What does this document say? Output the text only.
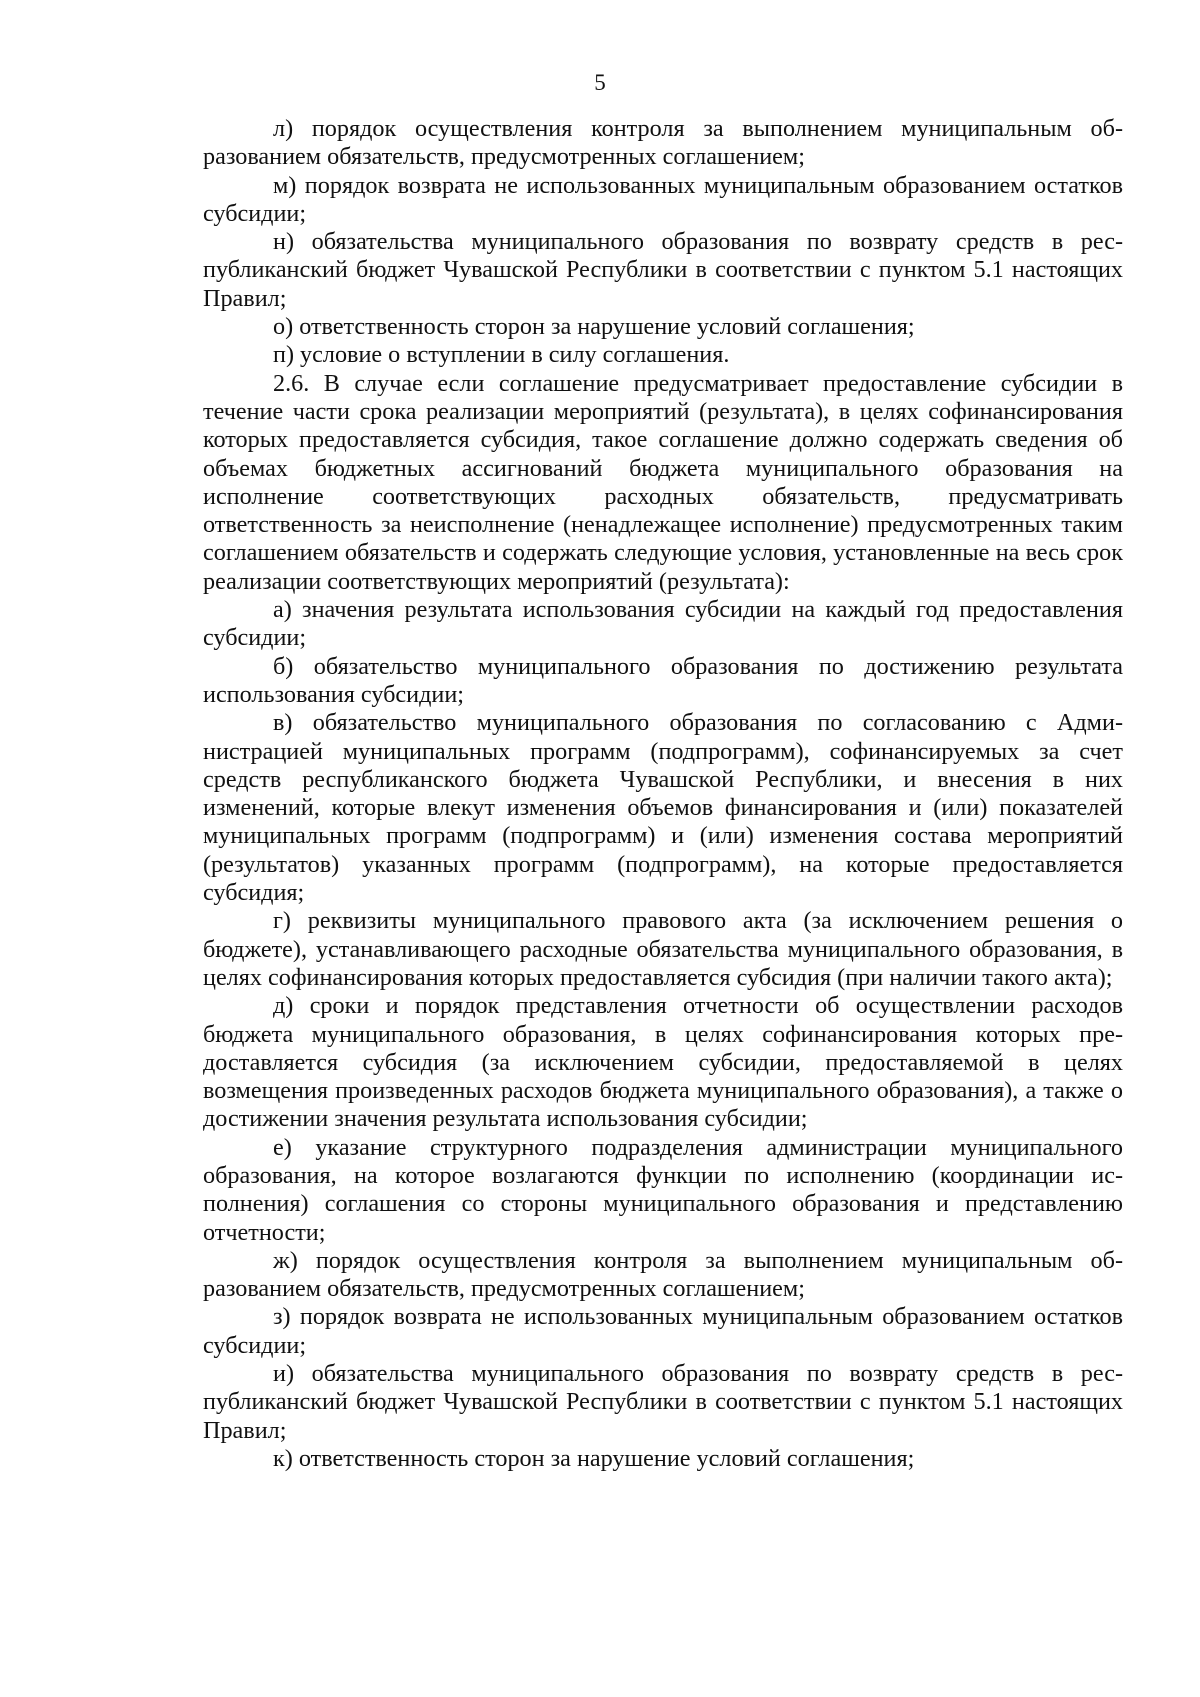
5

л) порядок осуществления контроля за выполнением муниципальным образованием обязательств, предусмотренных соглашением;

м) порядок возврата не использованных муниципальным образованием остатков субсидии;

н) обязательства муниципального образования по возврату средств в республиканский бюджет Чувашской Республики в соответствии с пунктом 5.1 настоящих Правил;

о) ответственность сторон за нарушение условий соглашения;

п) условие о вступлении в силу соглашения.

2.6. В случае если соглашение предусматривает предоставление субсидии в течение части срока реализации мероприятий (результата), в целях софинансирования которых предоставляется субсидия, такое соглашение должно содержать сведения об объемах бюджетных ассигнований бюджета муниципального образования на исполнение соответствующих расходных обязательств, предусматривать ответственность за неисполнение (ненадлежащее исполнение) предусмотренных таким соглашением обязательств и содержать следующие условия, установленные на весь срок реализации соответствующих мероприятий (результата):

а) значения результата использования субсидии на каждый год предоставления субсидии;

б) обязательство муниципального образования по достижению результата использования субсидии;

в) обязательство муниципального образования по согласованию с Администрацией муниципальных программ (подпрограмм), софинансируемых за счет средств республиканского бюджета Чувашской Республики, и внесения в них изменений, которые влекут изменения объемов финансирования и (или) показателей муниципальных программ (подпрограмм) и (или) изменения состава мероприятий (результатов) указанных программ (подпрограмм), на которые предоставляется субсидия;

г) реквизиты муниципального правового акта (за исключением решения о бюджете), устанавливающего расходные обязательства муниципального образования, в целях софинансирования которых предоставляется субсидия (при наличии такого акта);

д) сроки и порядок представления отчетности об осуществлении расходов бюджета муниципального образования, в целях софинансирования которых предоставляется субсидия (за исключением субсидии, предоставляемой в целях возмещения произведенных расходов бюджета муниципального образования), а также о достижении значения результата использования субсидии;

е) указание структурного подразделения администрации муниципального образования, на которое возлагаются функции по исполнению (координации исполнения) соглашения со стороны муниципального образования и представлению отчетности;

ж) порядок осуществления контроля за выполнением муниципальным образованием обязательств, предусмотренных соглашением;

з) порядок возврата не использованных муниципальным образованием остатков субсидии;

и) обязательства муниципального образования по возврату средств в республиканский бюджет Чувашской Республики в соответствии с пунктом 5.1 настоящих Правил;

к) ответственность сторон за нарушение условий соглашения;
